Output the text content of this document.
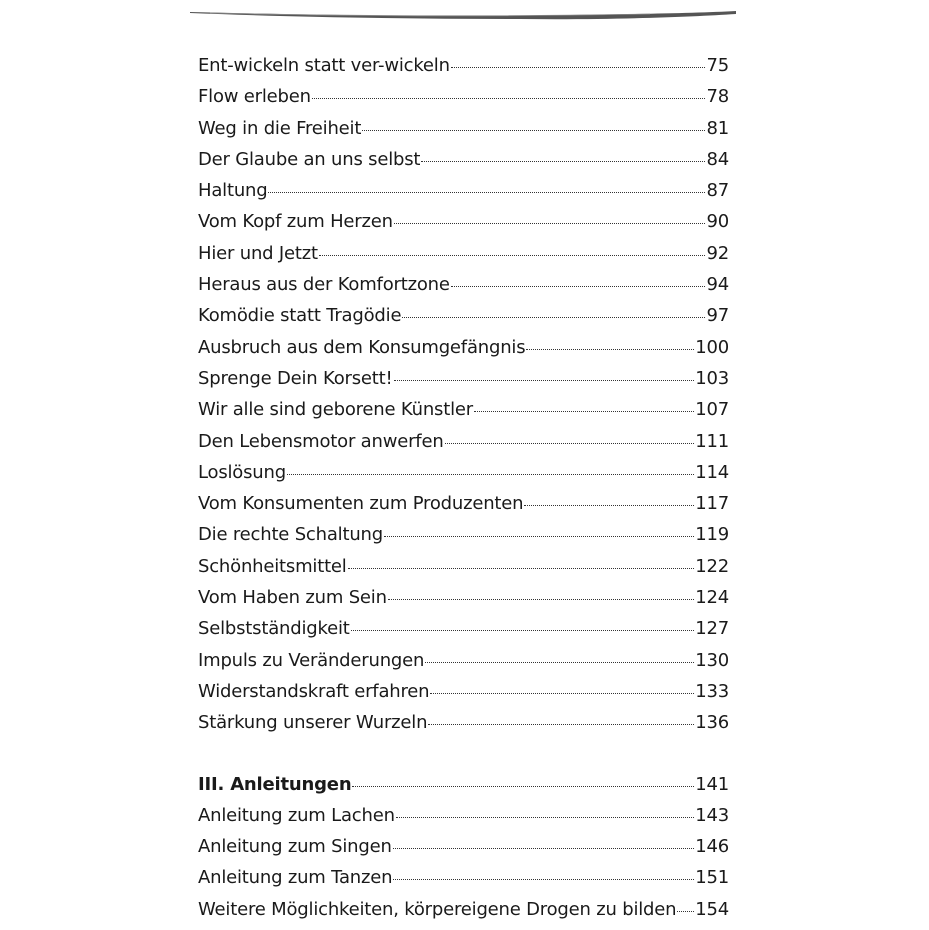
Ent-wickeln statt ver-wickeln	75
Flow erleben	78
Weg in die Freiheit	81
Der Glaube an uns selbst	84
Haltung	87
Vom Kopf zum Herzen	90
Hier und Jetzt	92
Heraus aus der Komfortzone	94
Komödie statt Tragödie	97
Ausbruch aus dem Konsumgefängnis	100
Sprenge Dein Korsett!	103
Wir alle sind geborene Künstler	107
Den Lebensmotor anwerfen	111
Loslösung	114
Vom Konsumenten zum Produzenten	117
Die rechte Schaltung	119
Schönheitsmittel	122
Vom Haben zum Sein	124
Selbstständigkeit	127
Impuls zu Veränderungen	130
Widerstandskraft erfahren	133
Stärkung unserer Wurzeln	136
III. Anleitungen	141
Anleitung zum Lachen	143
Anleitung zum Singen	146
Anleitung zum Tanzen	151
Weitere Möglichkeiten, körpereigene Drogen zu bilden 154
